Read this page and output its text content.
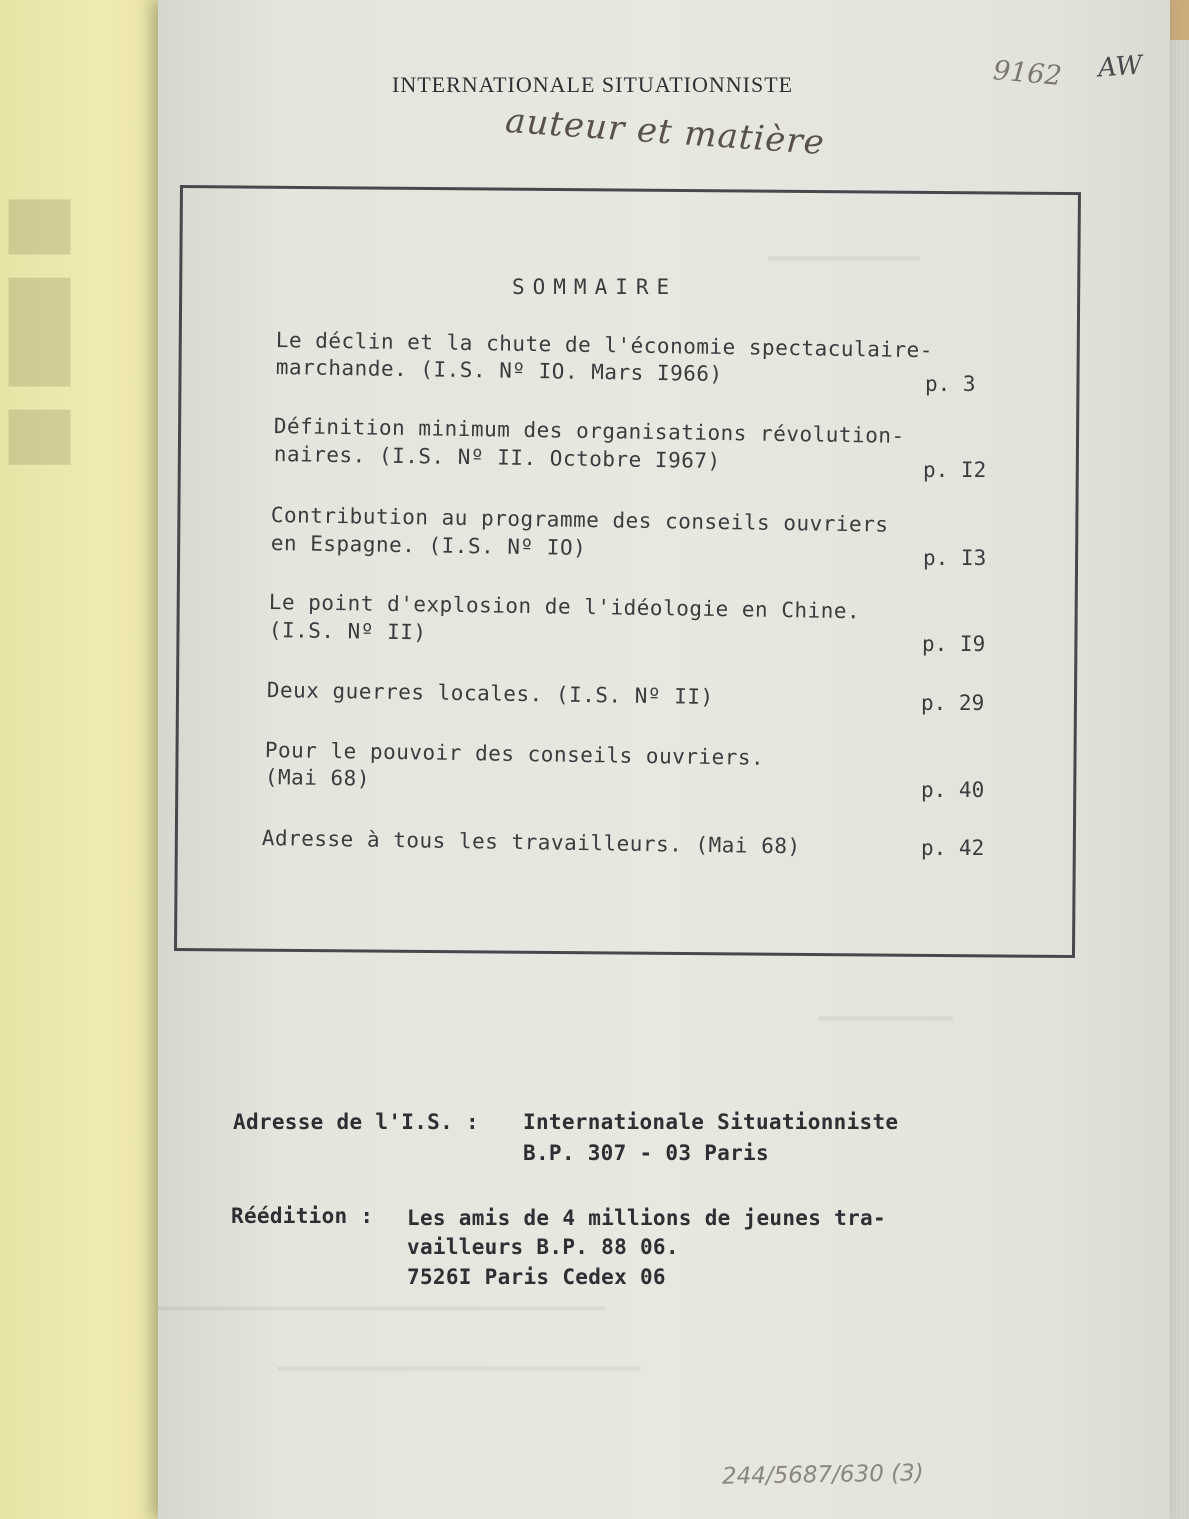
▆ ▆▆ ▆	▬▬▬▬▬▬▬▬▬▬▬▬▬▬▬▬▬▬
▬▬▬▬▬▬▬▬▬▬▬▬▬▬▬▬
▬▬▬▬▬▬▬▬▬▬▬▬▬▬▬▬▬▬▬▬▬▬▬▬▬▬▬▬▬▬▬▬▬▬▬▬▬▬▬▬▬▬▬▬▬▬▬▬▬▬▬▬▬
▬▬▬▬▬▬▬▬▬▬▬▬▬▬▬▬▬▬▬▬▬▬▬▬▬▬▬▬▬▬▬▬▬▬▬▬▬▬▬▬▬▬▬
INTERNATIONALE SITUATIONNISTE
auteur et matière
9162 AW
SOMMAIRE
Le déclin et la chute de l'économie spectaculaire-
marchande. (I.S. Nº IO. Mars I966)	p. 3
Définition minimum des organisations révolution-
naires. (I.S. Nº II. Octobre I967)	p. I2
Contribution au programme des conseils ouvriers
en Espagne. (I.S. Nº IO)	p. I3
Le point d'explosion de l'idéologie en Chine.
(I.S. Nº II)	p. I9
Deux guerres locales. (I.S. Nº II)	p. 29
Pour le pouvoir des conseils ouvriers.
(Mai 68)	p. 40
Adresse à tous les travailleurs. (Mai 68)	p. 42
Adresse de l'I.S. : Internationale Situationniste
B.P. 307 - 03 Paris
Réédition : Les amis de 4 millions de jeunes tra-
vailleurs B.P. 88 06.
7526I Paris Cedex 06
244/5687/630 (3)
